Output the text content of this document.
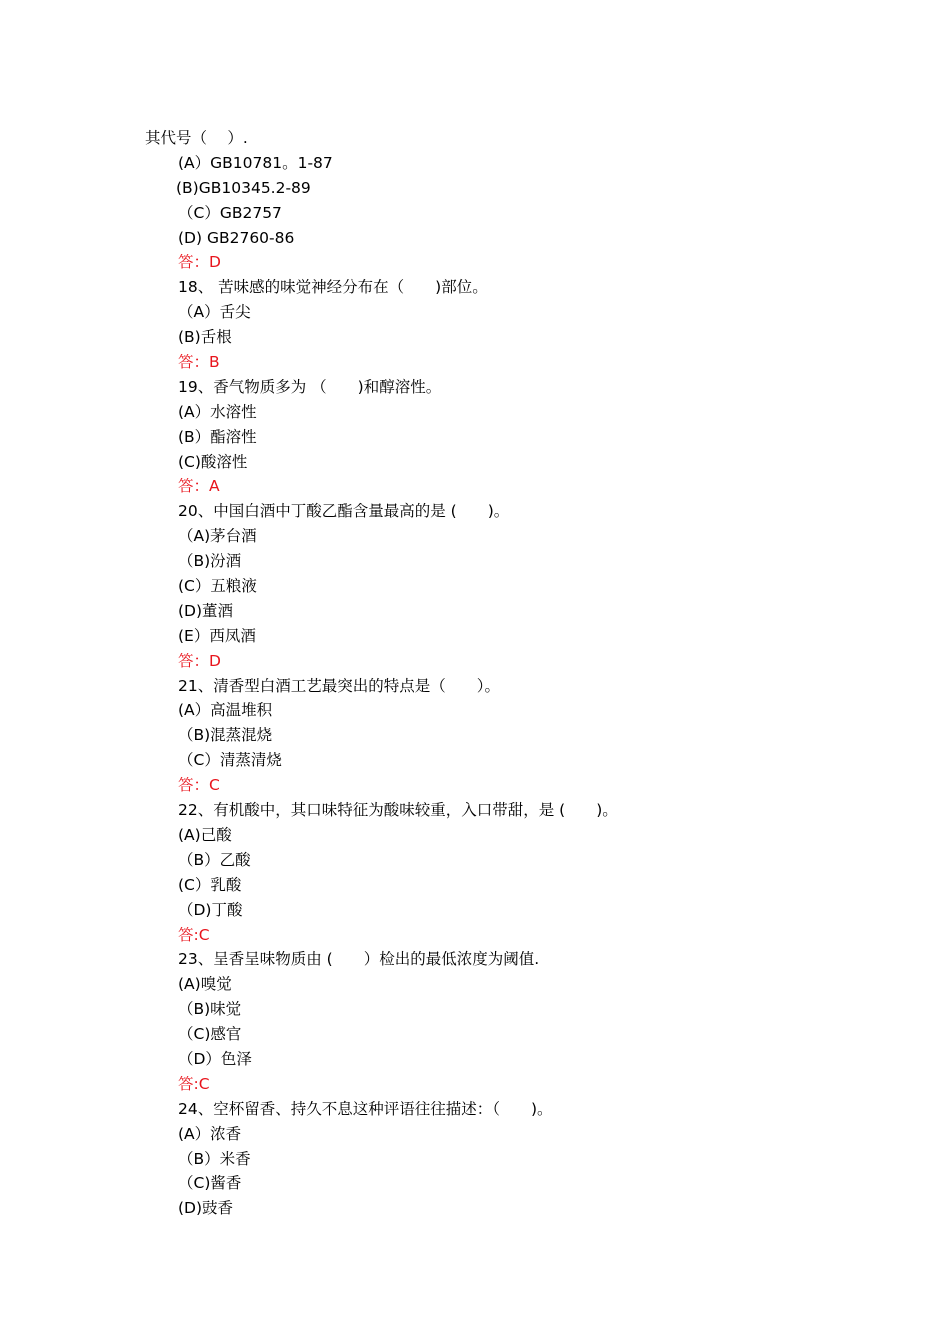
其代号（　 ）.
(A）GB10781。1-87
(B)GB10345.2-89
（C）GB2757
(D) GB2760-86
答：D
18、 苦味感的味觉神经分布在（　　)部位。
（A）舌尖
(B)舌根
答：B
19、香气物质多为 （　　)和醇溶性。
(A）水溶性
(B）酯溶性
(C)酸溶性
答：A
20、中国白酒中丁酸乙酯含量最高的是 (　　)。
（A)茅台酒
（B)汾酒
(C）五粮液
(D)董酒
(E）西凤酒
答：D
21、清香型白酒工艺最突出的特点是（　　）。
(A）高温堆积
（B)混蒸混烧
（C）清蒸清烧
答：C
22、有机酸中，其口味特征为酸味较重，入口带甜，是 (　　)。
(A)己酸
（B）乙酸
(C）乳酸
（D)丁酸
答:C
23、呈香呈味物质由 (　　）检出的最低浓度为阈值.
(A)嗅觉
（B)味觉
（C)感官
（D）色泽
答:C
24、空杯留香、持久不息这种评语往往描述：（　　)。
(A）浓香
（B）米香
（C)酱香
(D)豉香
